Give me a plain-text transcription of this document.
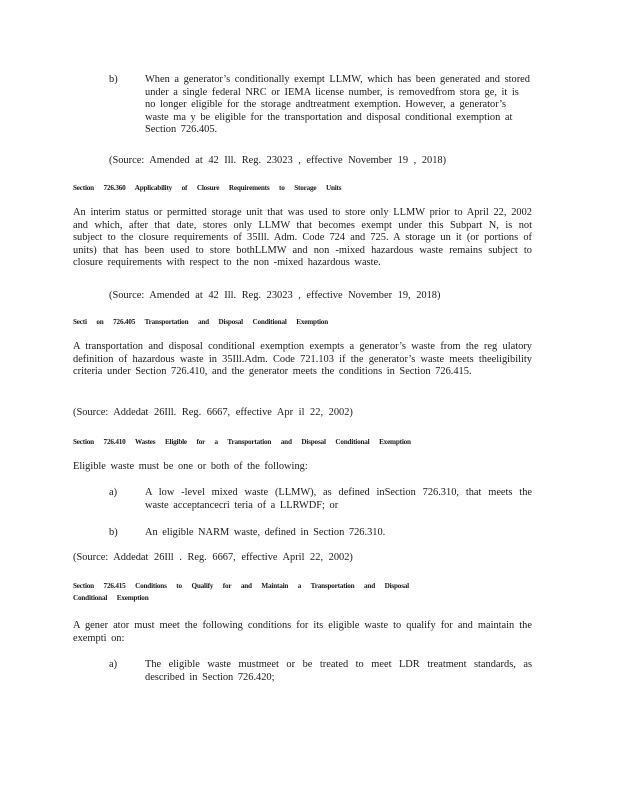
b)	When a generator’s conditionally exempt LLMW, which has been generated and stored under a single federal NRC or IEMA license number, is removedfrom stora ge, it is no longer eligible for the storage andtreatment exemption. However, a generator’s waste ma y be eligible for the transportation and disposal conditional exemption at Section 726.405.
(Source: Amended at 42 Ill. Reg. 23023 , effective November 19 , 2018)
Section 726.360 Applicability of Closure Requirements to Storage Units
An interim status or permitted storage unit that was used to store only LLMW prior to April 22, 2002 and which, after that date, stores only LLMW that becomes exempt under this Subpart N, is not subject to the closure requirements of 35Ill. Adm. Code 724 and 725. A storage un it (or portions of units) that has been used to store bothLLMW and non -mixed hazardous waste remains subject to closure requirements with respect to the non -mixed hazardous waste.
(Source: Amended at 42 Ill. Reg. 23023 , effective November 19, 2018)
Secti on 726.405 Transportation and Disposal Conditional Exemption
A transportation and disposal conditional exemption exempts a generator’s waste from the reg ulatory definition of hazardous waste in 35Ill.Adm. Code 721.103 if the generator’s waste meets theeligibility criteria under Section 726.410, and the generator meets the conditions in Section 726.415.
(Source: Addedat 26Ill. Reg. 6667, effective Apr il 22, 2002)
Section 726.410 Wastes Eligible for a Transportation and Disposal Conditional Exemption
Eligible waste must be one or both of the following:
a)	A low -level mixed waste (LLMW), as defined inSection 726.310, that meets the waste acceptancecri teria of a LLRWDF; or
b)	An eligible NARM waste, defined in Section 726.310.
(Source: Addedat 26Ill . Reg. 6667, effective April 22, 2002)
Section 726.415 Conditions to Qualify for and Maintain a Transportation and Disposal
Conditional Exemption
A gener ator must meet the following conditions for its eligible waste to qualify for and maintain the exempti on:
a)	The eligible waste mustmeet or be treated to meet LDR treatment standards, as described in Section 726.420;
